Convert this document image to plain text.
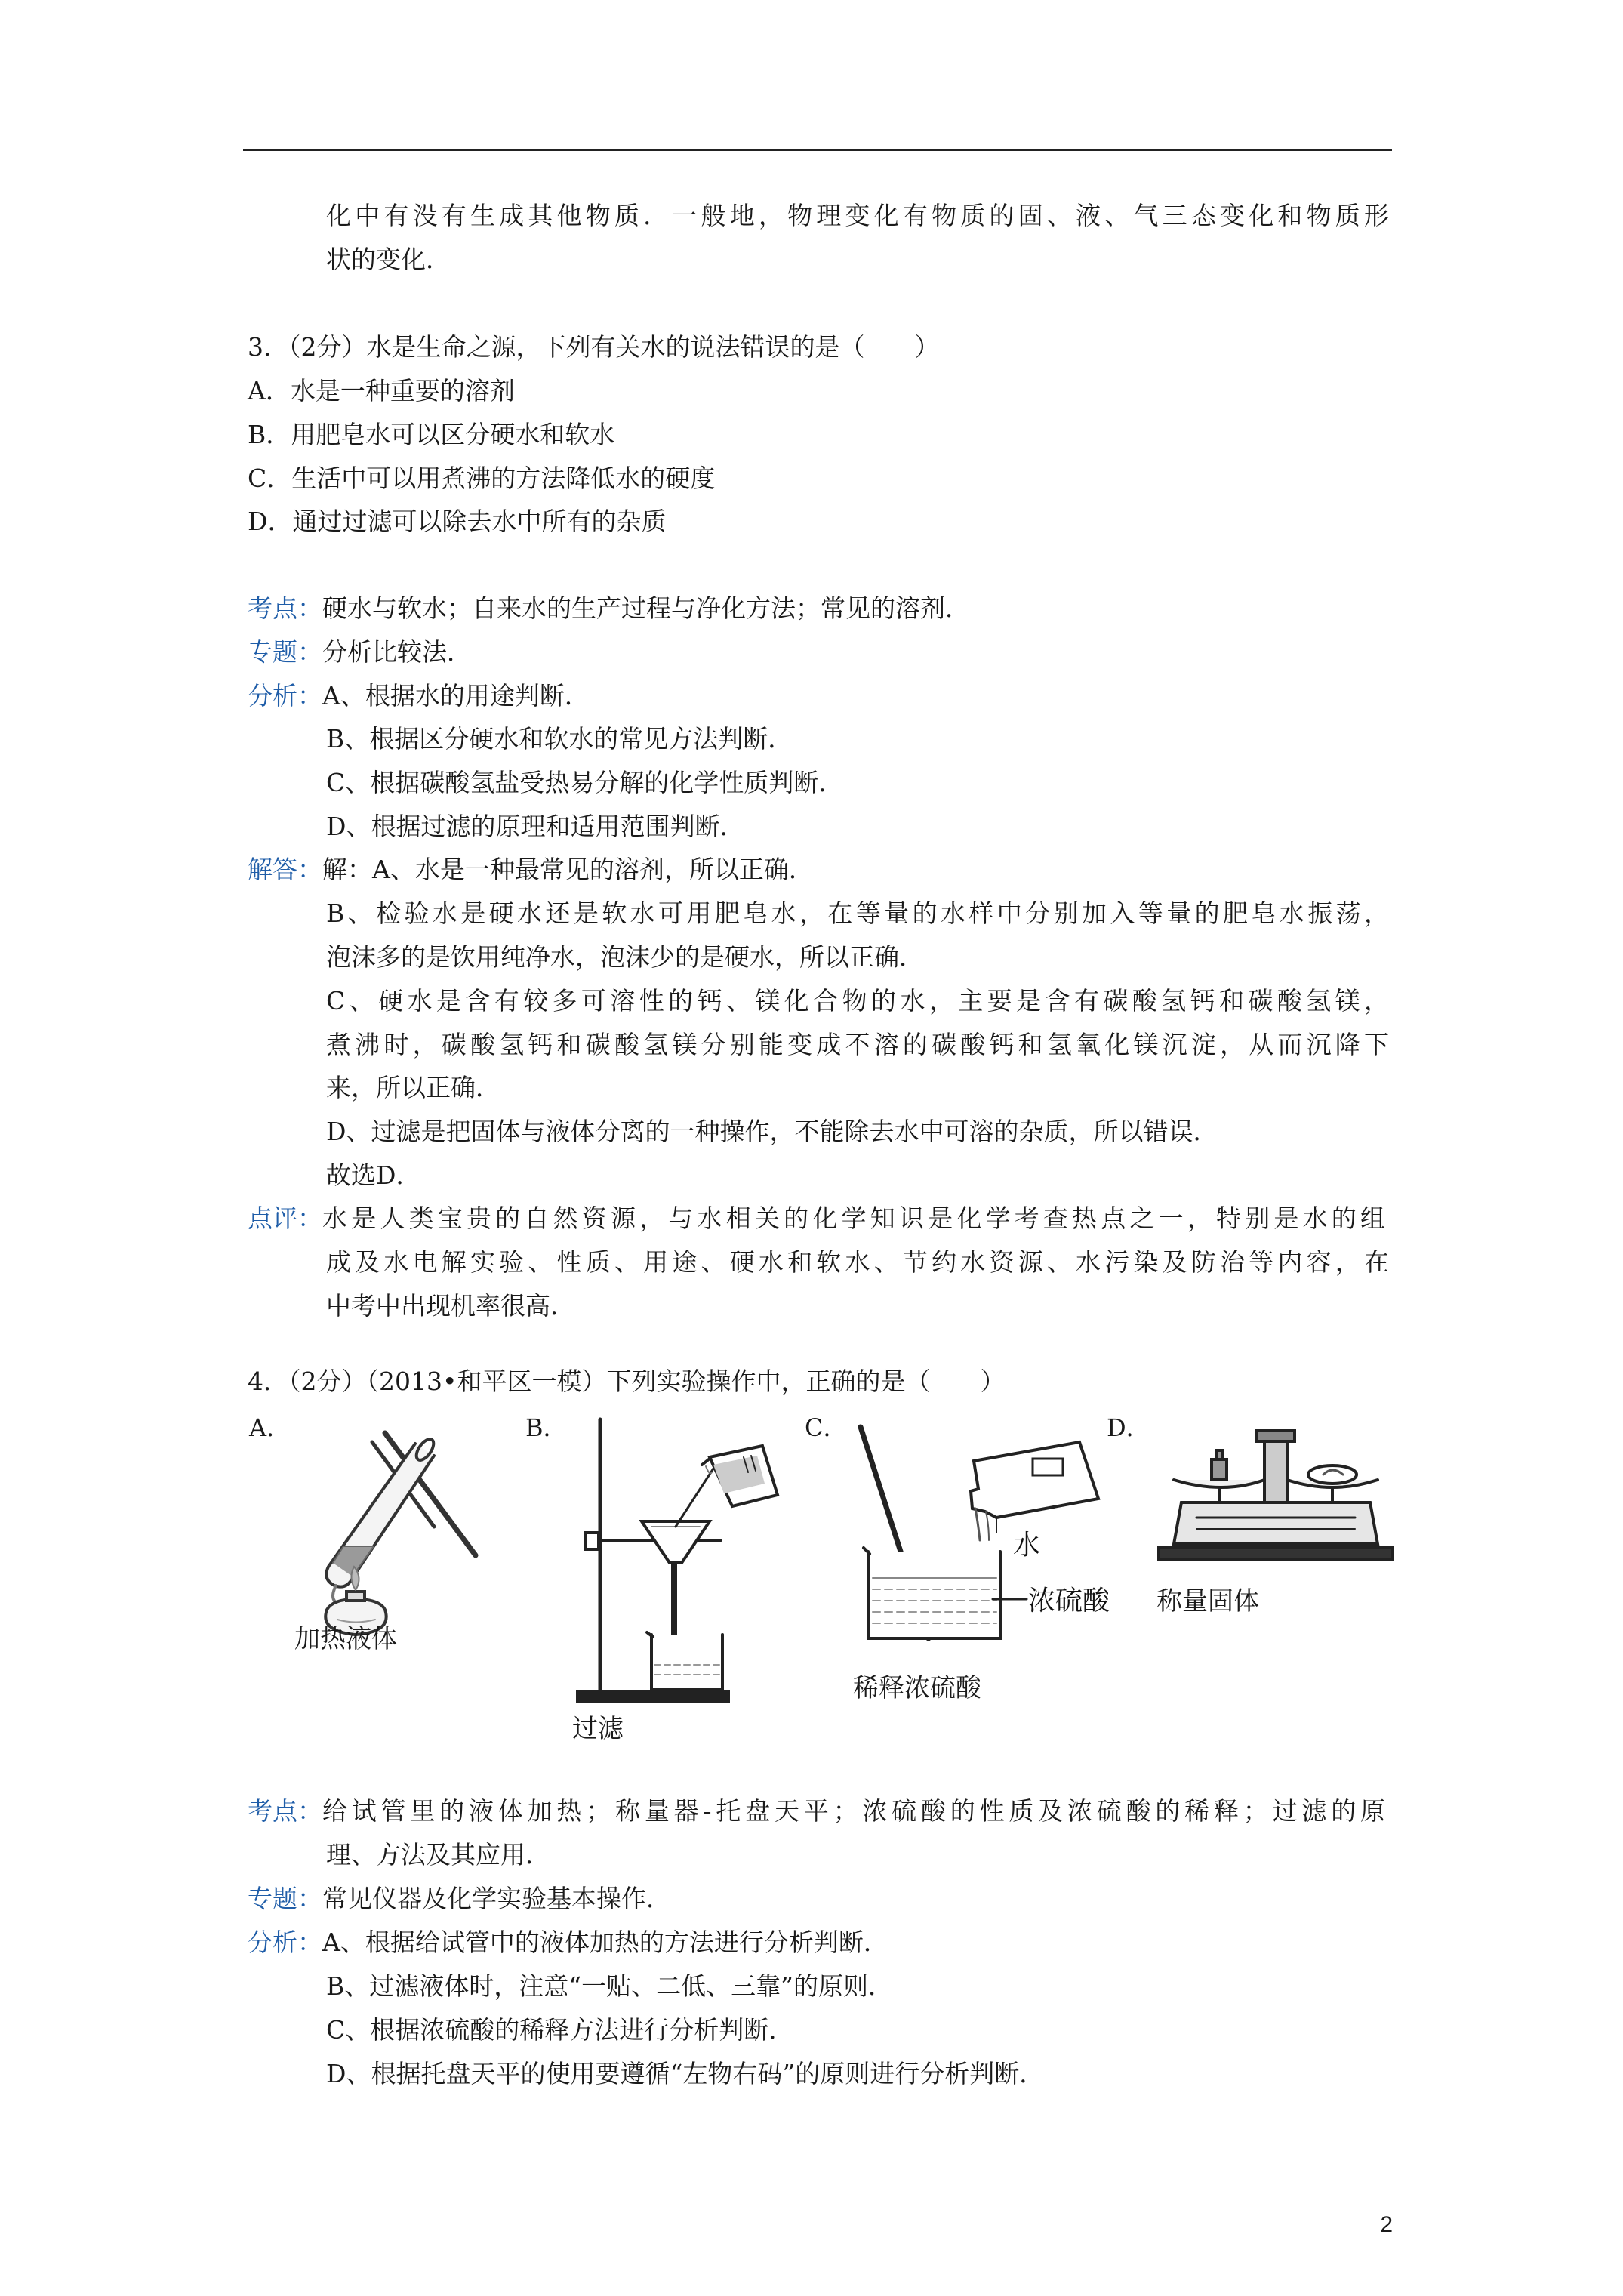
化中有没有生成其他物质．一般地，物理变化有物质的固、液、气三态变化和物质形
状的变化．
3．（2分）水是生命之源，下列有关水的说法错误的是（　　）
A．水是一种重要的溶剂
B．用肥皂水可以区分硬水和软水
C．生活中可以用煮沸的方法降低水的硬度
D．通过过滤可以除去水中所有的杂质
考点：硬水与软水；自来水的生产过程与净化方法；常见的溶剂．
专题：分析比较法．
分析：A、根据水的用途判断．
B、根据区分硬水和软水的常见方法判断．
C、根据碳酸氢盐受热易分解的化学性质判断．
D、根据过滤的原理和适用范围判断．
解答：解：A、水是一种最常见的溶剂，所以正确．
B、检验水是硬水还是软水可用肥皂水，在等量的水样中分别加入等量的肥皂水振荡，
泡沫多的是饮用纯净水，泡沫少的是硬水，所以正确．
C、硬水是含有较多可溶性的钙、镁化合物的水，主要是含有碳酸氢钙和碳酸氢镁，
煮沸时，碳酸氢钙和碳酸氢镁分别能变成不溶的碳酸钙和氢氧化镁沉淀，从而沉降下
来，所以正确．
D、过滤是把固体与液体分离的一种操作，不能除去水中可溶的杂质，所以错误．
故选D．
点评：水是人类宝贵的自然资源，与水相关的化学知识是化学考查热点之一，特别是水的组
成及水电解实验、性质、用途、硬水和软水、节约水资源、水污染及防治等内容，在
中考中出现机率很高．
4．（2分）（2013•和平区一模）下列实验操作中，正确的是（　　）
A．	B．	C．	D．
加热液体
过滤
水
浓硫酸
稀释浓硫酸
称量固体
考点：给试管里的液体加热；称量器-托盘天平；浓硫酸的性质及浓硫酸的稀释；过滤的原
理、方法及其应用．
专题：常见仪器及化学实验基本操作．
分析：A、根据给试管中的液体加热的方法进行分析判断．
B、过滤液体时，注意“一贴、二低、三靠”的原则．
C、根据浓硫酸的稀释方法进行分析判断．
D、根据托盘天平的使用要遵循“左物右码”的原则进行分析判断．
2
